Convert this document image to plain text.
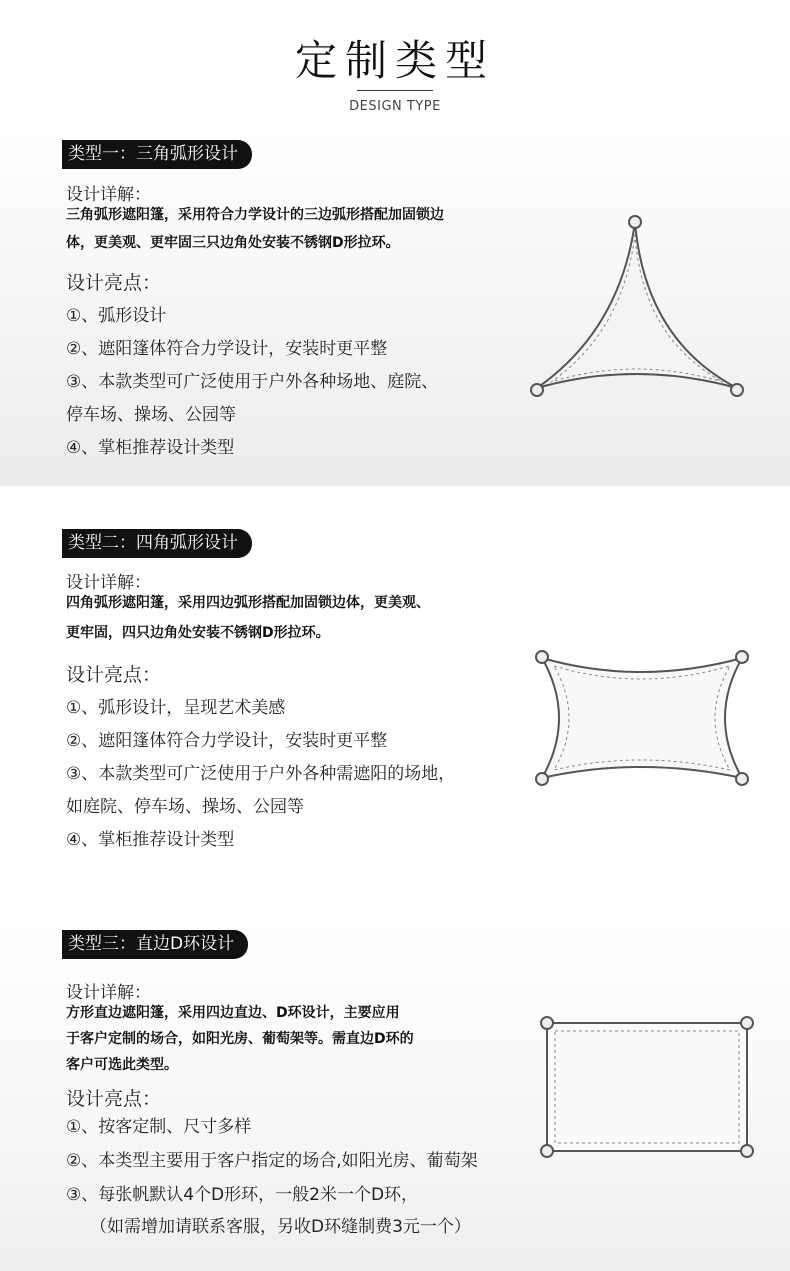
定制类型
DESIGN TYPE
类型一：三角弧形设计
设计详解：
三角弧形遮阳篷，采用符合力学设计的三边弧形搭配加固锁边
体，更美观、更牢固三只边角处安装不锈钢D形拉环。
设计亮点：
①、弧形设计
②、遮阳篷体符合力学设计，安装时更平整
③、本款类型可广泛使用于户外各种场地、庭院、
停车场、操场、公园等
④、掌柜推荐设计类型
类型二：四角弧形设计
设计详解：
四角弧形遮阳篷，采用四边弧形搭配加固锁边体，更美观、
更牢固，四只边角处安装不锈钢D形拉环。
设计亮点：
①、弧形设计，呈现艺术美感
②、遮阳篷体符合力学设计，安装时更平整
③、本款类型可广泛使用于户外各种需遮阳的场地，
如庭院、停车场、操场、公园等
④、掌柜推荐设计类型
类型三：直边D环设计
设计详解：
方形直边遮阳篷，采用四边直边、D环设计，主要应用
于客户定制的场合，如阳光房、葡萄架等。需直边D环的
客户可选此类型。
设计亮点：
①、按客定制、尺寸多样
②、本类型主要用于客户指定的场合,如阳光房、葡萄架
③、每张帆默认4个D形环，一般2米一个D环，
（如需增加请联系客服，另收D环缝制费3元一个）
